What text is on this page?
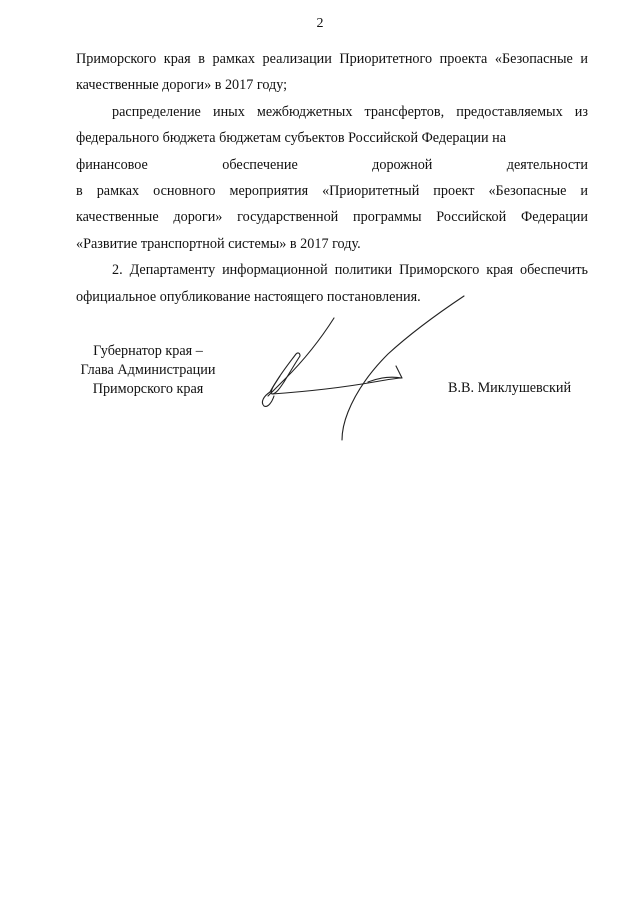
2

Приморского края в рамках реализации Приоритетного проекта «Безопасные и качественные дороги» в 2017 году;

распределение иных межбюджетных трансфертов, предоставляемых из федерального бюджета бюджетам субъектов Российской Федерации на

финансовое обеспечение дорожной деятельности

в рамках основного мероприятия «Приоритетный проект «Безопасные и качественные дороги» государственной программы Российской Федерации «Развитие транспортной системы» в 2017 году.

2. Департаменту информационной политики Приморского края обеспечить официальное опубликование настоящего постановления.

Губернатор края –
Глава Администрации
Приморского края	В.В. Миклушевский
